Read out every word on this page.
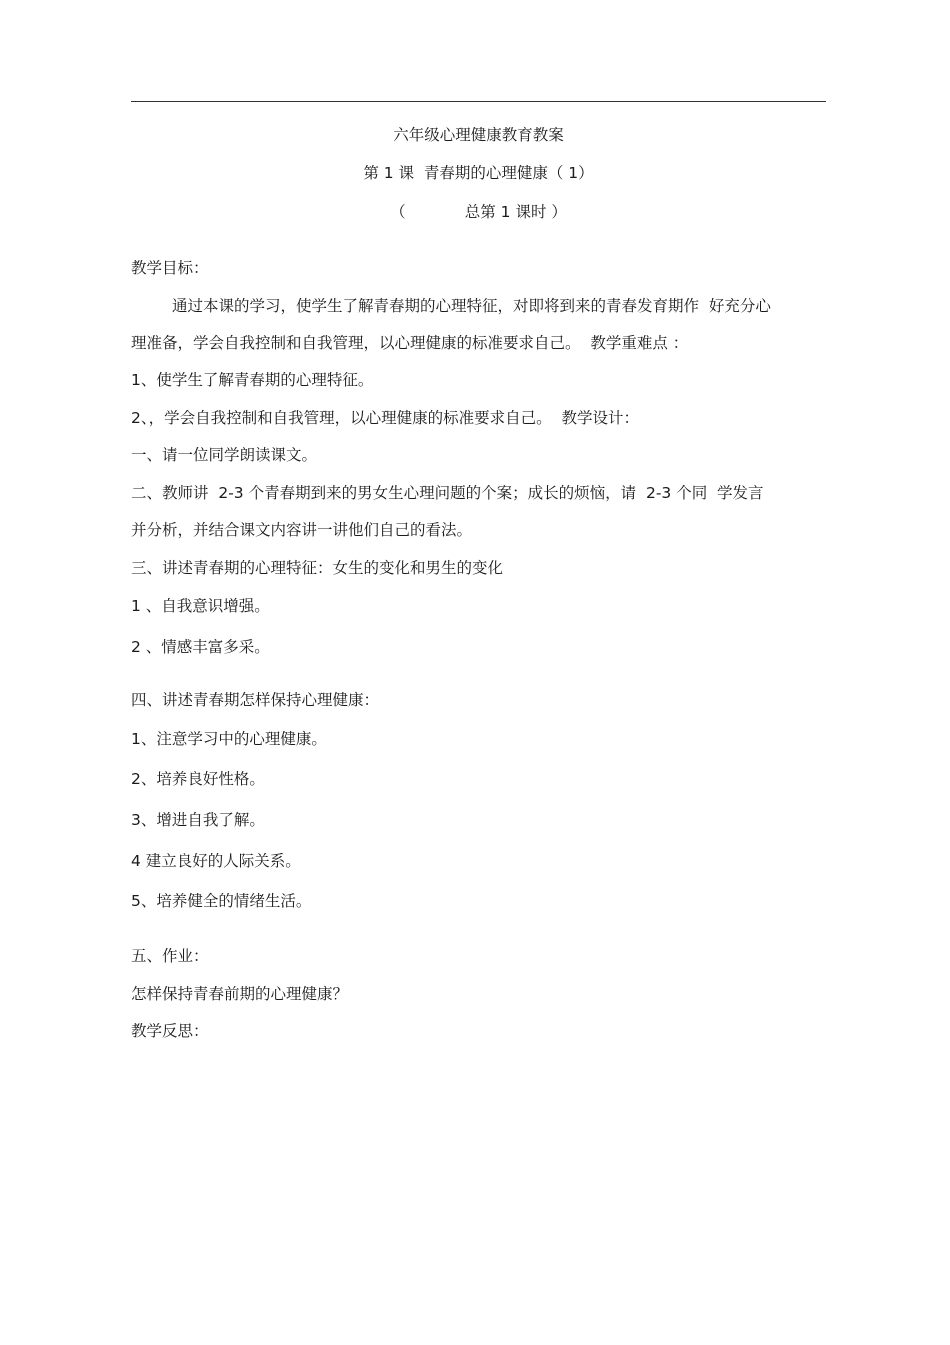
六年级心理健康教育教案
第 1 课  青春期的心理健康（ 1）
（            总第 1 课时 ）
教学目标：
通过本课的学习，使学生了解青春期的心理特征，对即将到来的青春发育期作  好充分心
理准备，学会自我控制和自我管理，以心理健康的标准要求自己。  教学重难点 ：
1、使学生了解青春期的心理特征。
2、，学会自我控制和自我管理，以心理健康的标准要求自己。  教学设计：
一、请一位同学朗读课文。
二、教师讲  2-3 个青春期到来的男女生心理问题的个案；成长的烦恼，请  2-3 个同  学发言
并分析，并结合课文内容讲一讲他们自己的看法。
三、讲述青春期的心理特征：女生的变化和男生的变化
1 、自我意识增强。
2 、情感丰富多采。
四、讲述青春期怎样保持心理健康：
1、注意学习中的心理健康。
2、培养良好性格。
3、增进自我了解。
4 建立良好的人际关系。
5、培养健全的情绪生活。
五、作业：
怎样保持青春前期的心理健康？
教学反思：
